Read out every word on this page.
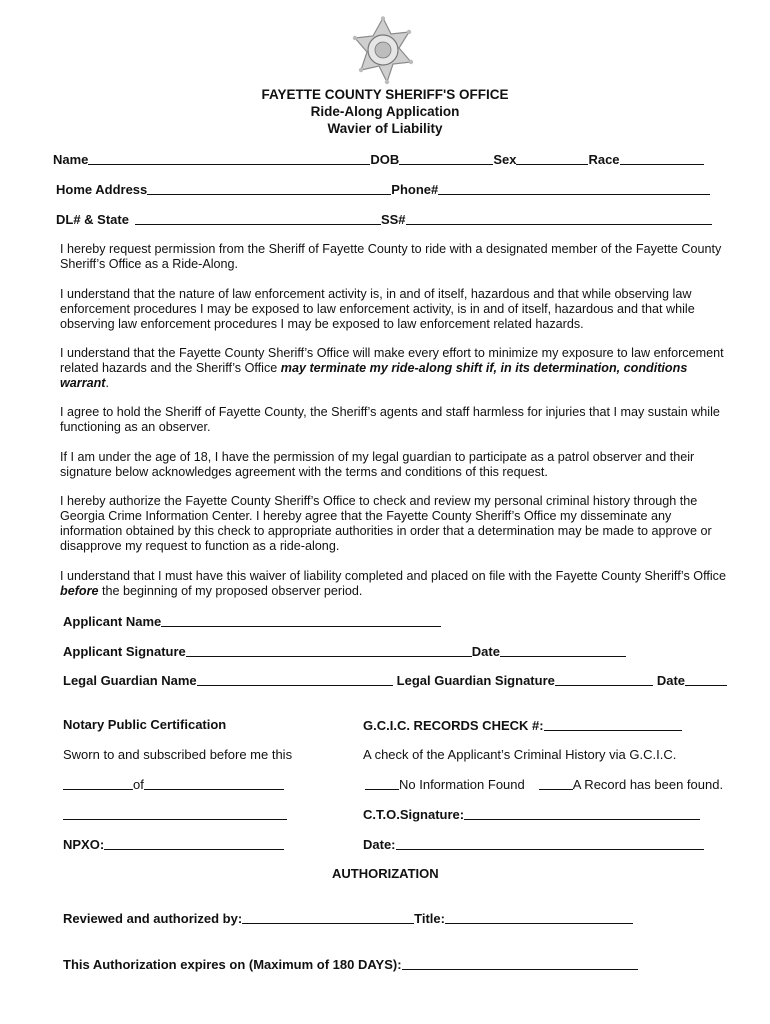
FAYETTE COUNTY SHERIFF'S OFFICE
Ride-Along Application
Wavier of Liability
Name	DOB	Sex	Race
Home Address	Phone#
DL# & State	SS#
I hereby request permission from the Sheriff of Fayette County to ride with a designated member of the Fayette County Sheriff’s Office as a Ride-Along.
I understand that the nature of law enforcement activity is, in and of itself, hazardous and that while observing law enforcement procedures I may be exposed to law enforcement activity, is in and of itself, hazardous and that while observing law enforcement procedures I may be exposed to law enforcement related hazards.
I understand that the Fayette County Sheriff’s Office will make every effort to minimize my exposure to law enforcement related hazards and the Sheriff’s Office may terminate my ride-along shift if, in its determination, conditions warrant.
I agree to hold the Sheriff of Fayette County, the Sheriff’s agents and staff harmless for injuries that I may sustain while functioning as an observer.
If I am under the age of 18, I have the permission of my legal guardian to participate as a patrol observer and their signature below acknowledges agreement with the terms and conditions of this request.
I hereby authorize the Fayette County Sheriff’s Office to check and review my personal criminal history through the Georgia Crime Information Center. I hereby agree that the Fayette County Sheriff’s Office my disseminate any information obtained by this check to appropriate authorities in order that a determination may be made to approve or disapprove my request to function as a ride-along.
I understand that I must have this waiver of liability completed and placed on file with the Fayette County Sheriff’s Office before the beginning of my proposed observer period.
Applicant Name
Applicant Signature	Date
Legal Guardian Name	Legal Guardian Signature	Date
Notary Public Certification
Sworn to and subscribed before me this
of
NPXO:
G.C.I.C. RECORDS CHECK #:
A check of the Applicant’s Criminal History via G.C.I.C.
No Information Found	A Record has been found.
C.T.O.Signature:
Date:
AUTHORIZATION
Reviewed and authorized by:	Title:
This Authorization expires on (Maximum of 180 DAYS):
